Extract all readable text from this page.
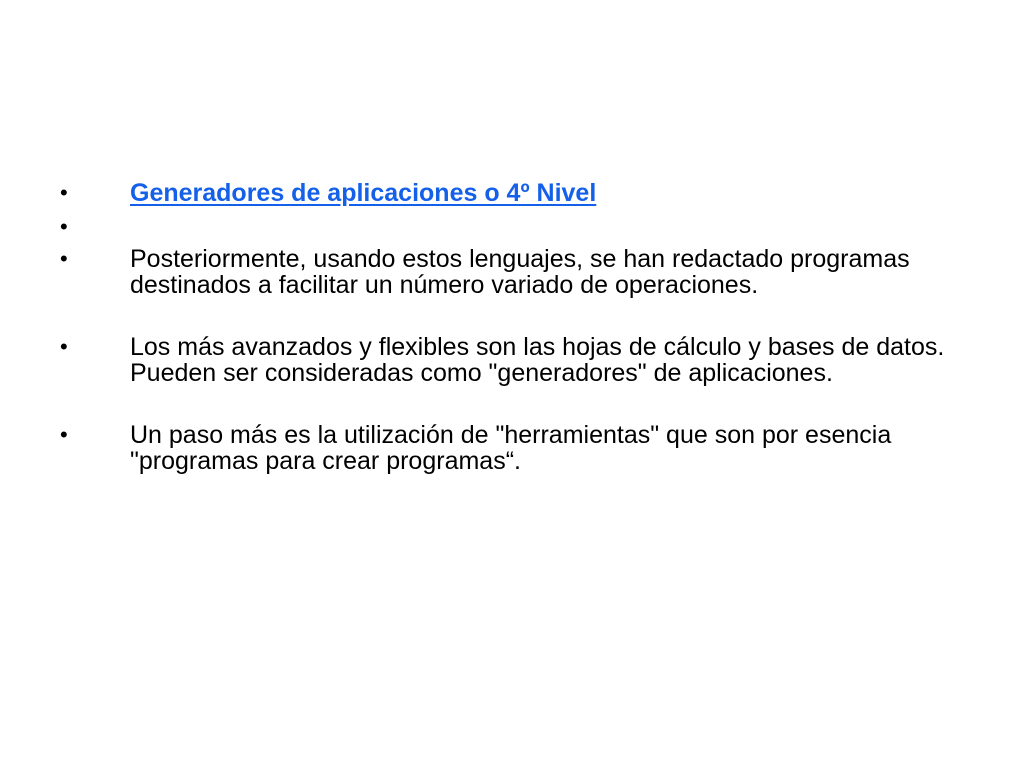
•	Generadores de aplicaciones o 4º Nivel
•
•	Posteriormente, usando estos lenguajes, se han redactado programas destinados a facilitar un número variado de operaciones.
•	Los más avanzados y flexibles son las hojas de cálculo y bases de datos. Pueden ser consideradas como "generadores" de aplicaciones.
•	Un paso más es la utilización de "herramientas" que son por esencia "programas para crear programas“.
